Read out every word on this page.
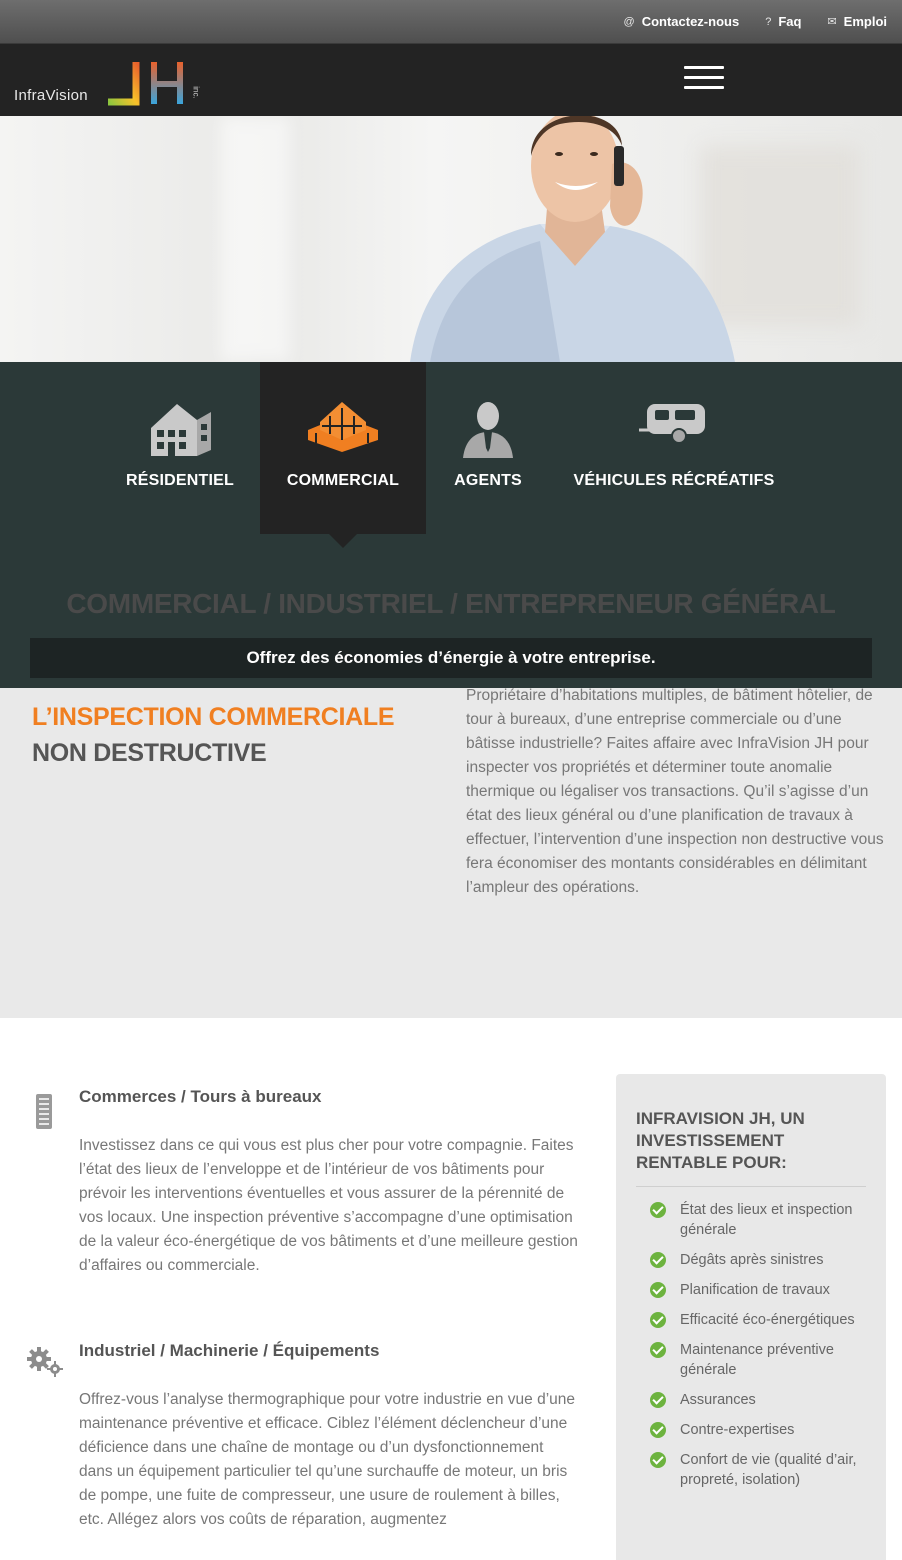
@ Contactez-nous ? Faq ✉ Emploi
InfraVision	inc.
RÉSIDENTIEL	COMMERCIAL	AGENTS	VÉHICULES RÉCRÉATIFS
COMMERCIAL / INDUSTRIEL / ENTREPRENEUR GÉNÉRAL
Offrez des économies d’énergie à votre entreprise.
L’INSPECTION COMMERCIALE
NON DESTRUCTIVE

Propriétaire d’habitations multiples, de bâtiment hôtelier, de tour à bureaux, d’une entreprise commerciale ou d’une bâtisse industrielle? Faites affaire avec InfraVision JH pour inspecter vos propriétés et déterminer toute anomalie thermique ou légaliser vos transactions. Qu’il s’agisse d’un état des lieux général ou d’une planification de travaux à effectuer, l’intervention d’une inspection non destructive vous fera économiser des montants considérables en délimitant l’ampleur des opérations.

Commerces / Tours à bureaux

Investissez dans ce qui vous est plus cher pour votre compagnie. Faites l’état des lieux de l’enveloppe et de l’intérieur de vos bâtiments pour prévoir les interventions éventuelles et vous assurer de la pérennité de vos locaux. Une inspection préventive s’accompagne d’une optimisation de la valeur éco-énergétique de vos bâtiments et d’une meilleure gestion d’affaires ou commerciale.

Industriel / Machinerie / Équipements

Offrez-vous l’analyse thermographique pour votre industrie en vue d’une maintenance préventive et efficace. Ciblez l’élément déclencheur d’une déficience dans une chaîne de montage ou d’un dysfonctionnement dans un équipement particulier tel qu’une surchauffe de moteur, un bris de pompe, une fuite de compresseur, une usure de roulement à billes, etc. Allégez alors vos coûts de réparation, augmentez

INFRAVISION JH, UN INVESTISSEMENT RENTABLE POUR:
État des lieux et inspection générale
Dégâts après sinistres
Planification de travaux
Efficacité éco-énergétiques
Maintenance préventive générale
Assurances
Contre-expertises
Confort de vie (qualité d’air, propreté, isolation)
